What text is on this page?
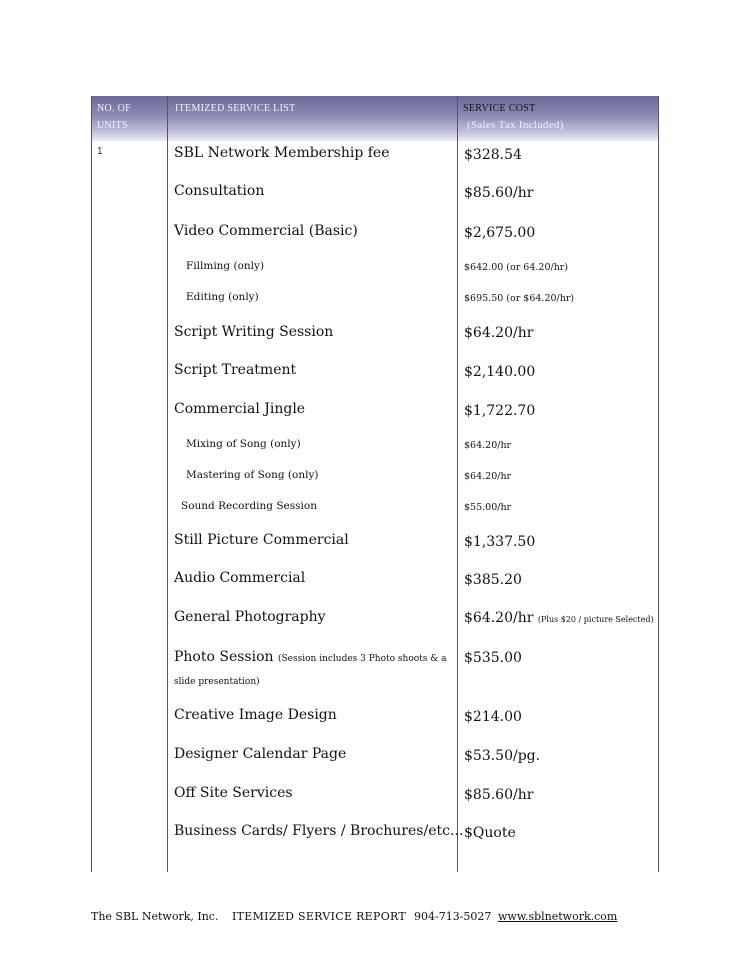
NO. OF UNITS
ITEMIZED SERVICE LIST	SERVICE COST
(Sales Tax Included)
1	SBL Network Membership fee	$328.54
Consultation	$85.60/hr
Video Commercial (Basic)	$2,675.00
Fillming (only)	$642.00 (or 64.20/hr)
Editing (only)	$695.50 (or $64.20/hr)
Script Writing Session	$64.20/hr
Script Treatment	$2,140.00
Commercial Jingle	$1,722.70
Mixing of Song (only)	$64.20/hr
Mastering of Song (only)	$64.20/hr
Sound Recording Session	$55.00/hr
Still Picture Commercial	$1,337.50
Audio Commercial	$385.20
General Photography	$64.20/hr (Plus $20 / picture Selected)
Photo Session (Session includes 3 Photo shoots & a
slide presentation)
$535.00
Creative Image Design	$214.00
Designer Calendar Page	$53.50/pg.
Off Site Services	$85.60/hr
Business Cards/ Flyers / Brochures/etc... $Quote
The SBL Network, Inc. ITEMIZED SERVICE REPORT 904-713-5027 www.sblnetwork.com
